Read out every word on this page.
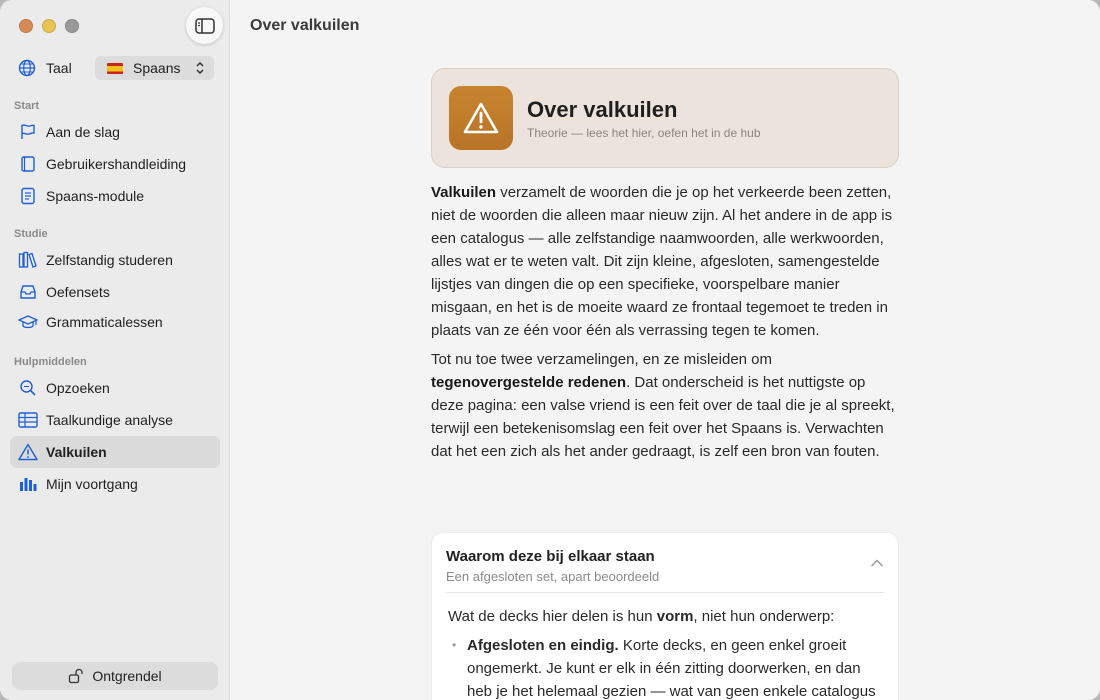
Taal	Spaans
Start
Aan de slag
Gebruikershandleiding
Spaans-module
Studie
Zelfstandig studeren
Oefensets
Grammaticalessen
Hulpmiddelen
Opzoeken
Taalkundige analyse
Valkuilen
Mijn voortgang
Ontgrendel
Over valkuilen
Over valkuilen
Theorie — lees het hier, oefen het in de hub

Valkuilen verzamelt de woorden die je op het verkeerde been zetten, niet de woorden die alleen maar nieuw zijn. Al het andere in de app is een catalogus — alle zelfstandige naamwoorden, alle werkwoorden, alles wat er te weten valt. Dit zijn kleine, afgesloten, samengestelde lijstjes van dingen die op een specifieke, voorspelbare manier misgaan, en het is de moeite waard ze frontaal tegemoet te treden in plaats van ze één voor één als verrassing tegen te komen.

Tot nu toe twee verzamelingen, en ze misleiden om tegenovergestelde redenen. Dat onderscheid is het nuttigste op deze pagina: een valse vriend is een feit over de taal die je al spreekt, terwijl een betekenisomslag een feit over het Spaans is. Verwachten dat het een zich als het ander gedraagt, is zelf een bron van fouten.

Waarom deze bij elkaar staan
Een afgesloten set, apart beoordeeld

Wat de decks hier delen is hun vorm, niet hun onderwerp:

• Afgesloten en eindig. Korte decks, en geen enkel groeit ongemerkt. Je kunt er elk in één zitting doorwerken, en dan heb je het helemaal gezien — wat van geen enkele catalogus
